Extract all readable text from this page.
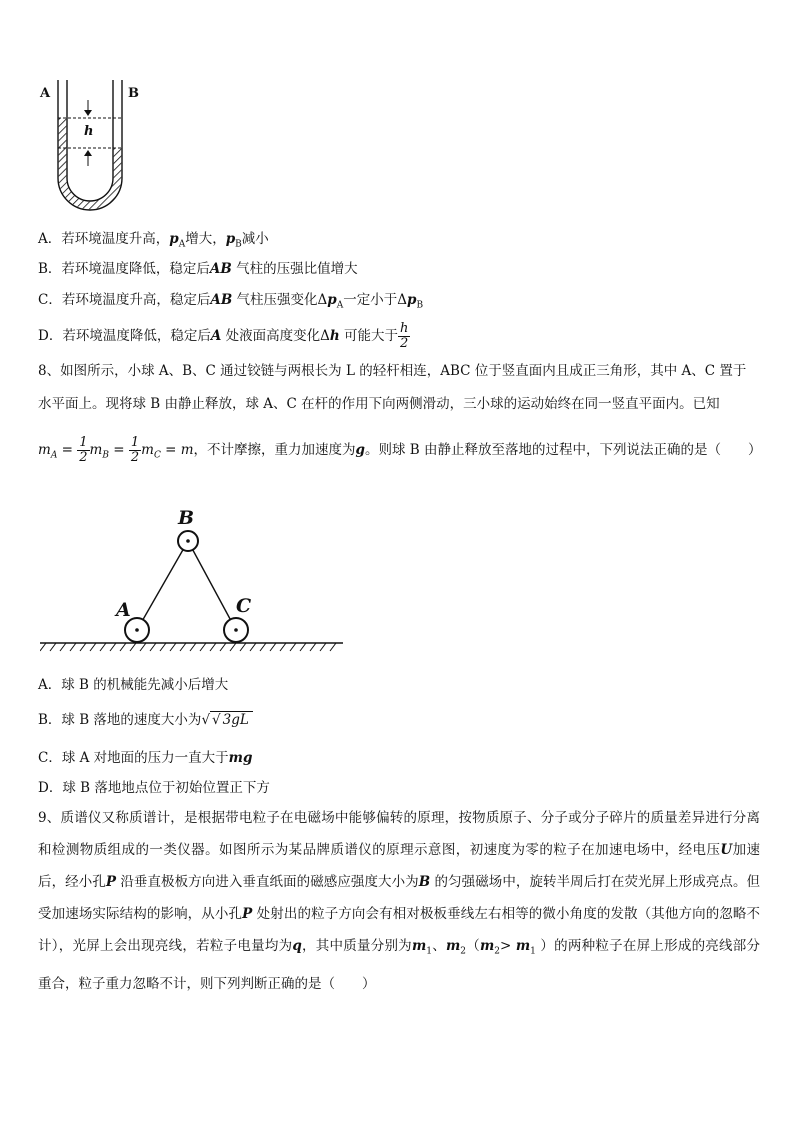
A	B
h
A．若环境温度升高，$p_A$增大，$p_B$减小
B．若环境温度降低，稳定后AB 气柱的压强比值增大
C．若环境温度升高，稳定后AB 气柱压强变化$\Delta p_A$一定小于$\Delta p_B$
D．若环境温度降低，稳定后A 处液面高度变化Δh 可能大于 $\frac{h}{2}$
8、如图所示，小球 A、B、C 通过铰链与两根长为 L 的轻杆相连，ABC 位于竖直面内且成正三角形，其中 A、C 置于
水平面上。现将球 B 由静止释放，球 A、C 在杆的作用下向两侧滑动，三小球的运动始终在同一竖直平面内。已知
$m_A = \frac{1}{2} m_B = \frac{1}{2} m_C = m$，不计摩擦，重力加速度为g。则球 B 由静止释放至落地的过程中，下列说法正确的是（　　）
B
A	C
A．球 B 的机械能先减小后增大
B．球 B 落地的速度大小为√ √ 3gL
C．球 A 对地面的压力一直大于mg
D．球 B 落地地点位于初始位置正下方
9、质谱仪又称质谱计，是根据带电粒子在电磁场中能够偏转的原理，按物质原子、分子或分子碎片的质量差异进行分离和检测物质组成的一类仪器。如图所示为某品牌质谱仪的原理示意图，初速度为零的粒子在加速电场中，经电压U加速后，经小孔P 沿垂直极板方向进入垂直纸面的磁感应强度大小为B 的匀强磁场中，旋转半周后打在荧光屏上形成亮点。但受加速场实际结构的影响，从小孔P 处射出的粒子方向会有相对极板垂线左右相等的微小角度的发散（其他方向的忽略不计），光屏上会出现亮线，若粒子电量均为q，其中质量分别为$m_1$、$m_2(m_2> m_1$ ）的两种粒子在屏上形成的亮线部分重合，粒子重力忽略不计，则下列判断正确的是（　　）
